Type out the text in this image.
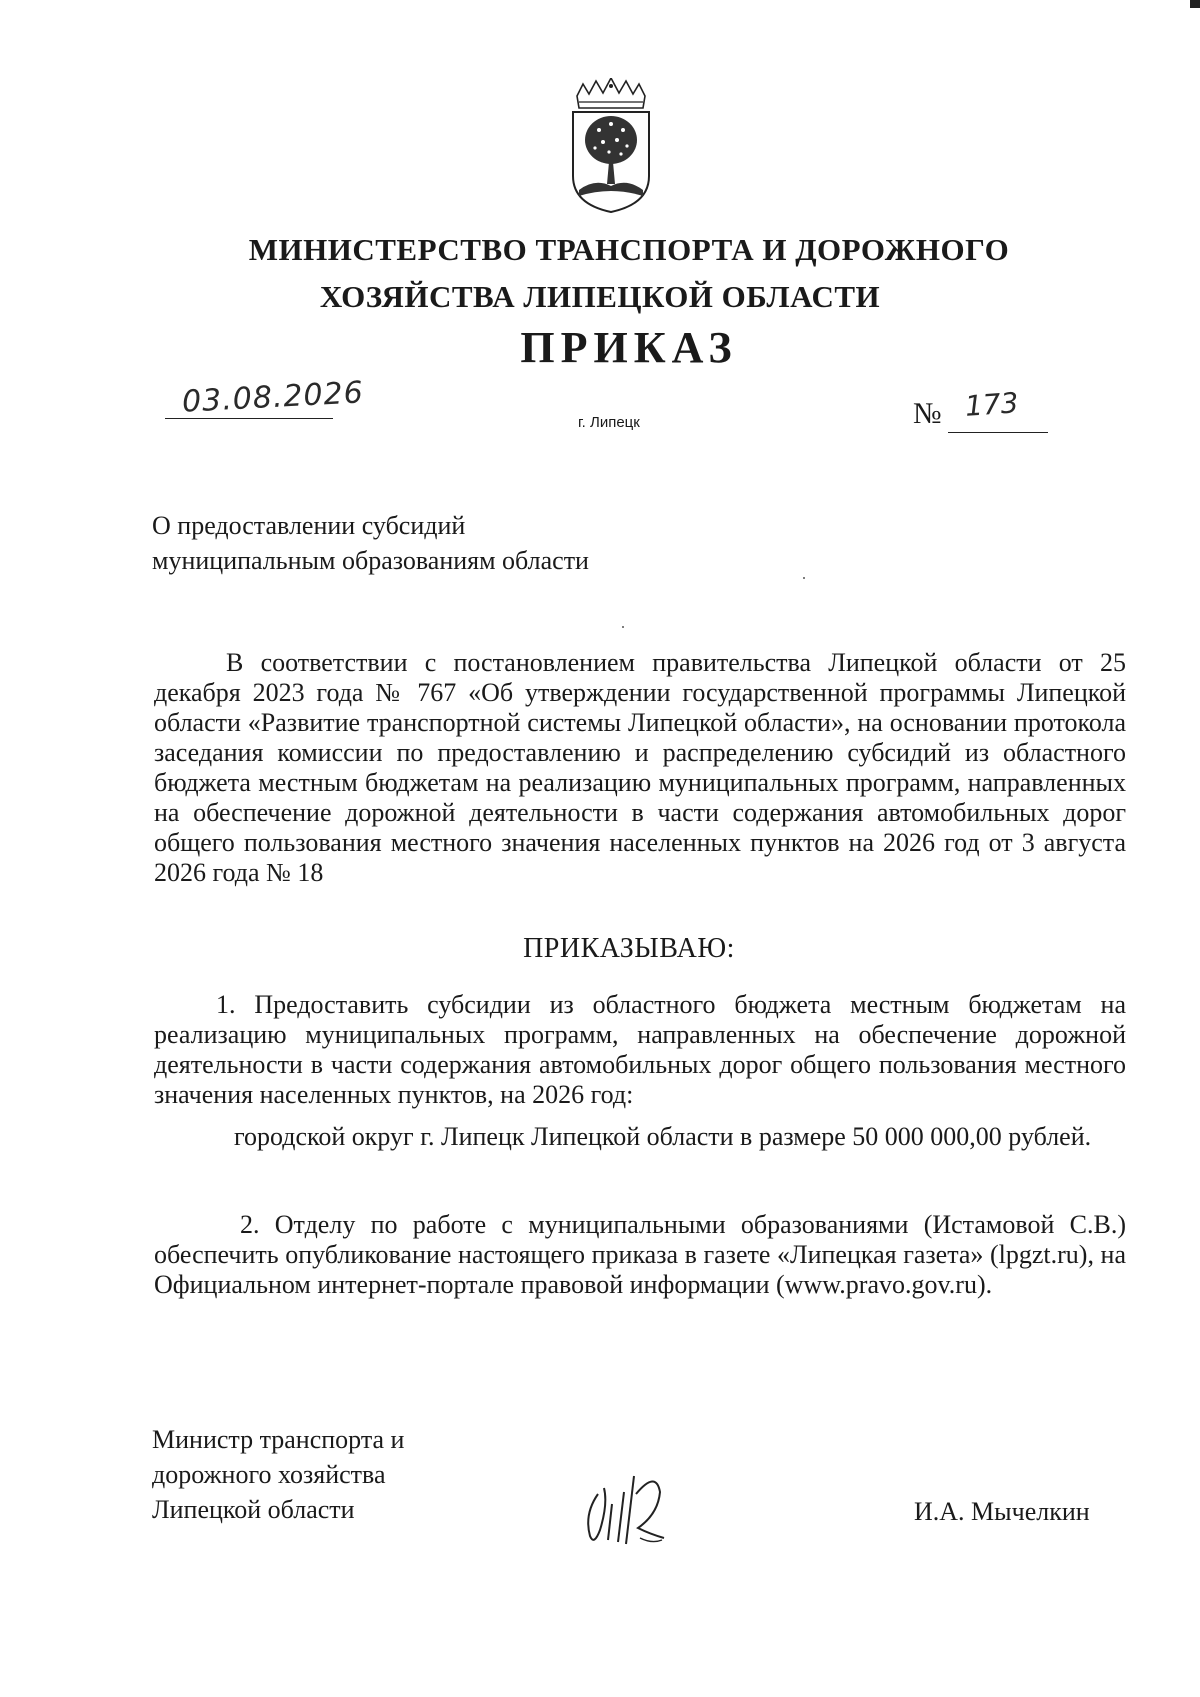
МИНИСТЕРСТВО ТРАНСПОРТА И ДОРОЖНОГО
ХОЗЯЙСТВА ЛИПЕЦКОЙ ОБЛАСТИ
ПРИКАЗ
03.08.2026
г. Липецк	№ 173
О предоставлении субсидий
муниципальным образованиям области
В соответствии с постановлением правительства Липецкой области от 25 декабря 2023 года № 767 «Об утверждении государственной программы Липецкой области «Развитие транспортной системы Липецкой области», на основании протокола заседания комиссии по предоставлению и распределению субсидий из областного бюджета местным бюджетам на реализацию муниципальных программ, направленных на обеспечение дорожной деятельности в части содержания автомобильных дорог общего пользования местного значения населенных пунктов на 2026 год от 3 августа 2026 года № 18
ПРИКАЗЫВАЮ:
1. Предоставить субсидии из областного бюджета местным бюджетам на реализацию муниципальных программ, направленных на обеспечение дорожной деятельности в части содержания автомобильных дорог общего пользования местного значения населенных пунктов, на 2026 год:
городской округ г. Липецк Липецкой области в размере 50 000 000,00 рублей.
2. Отделу по работе с муниципальными образованиями (Истамовой С.В.) обеспечить опубликование настоящего приказа в газете «Липецкая газета» (lpgzt.ru), на Официальном интернет-портале правовой информации (www.pravo.gov.ru).
Министр транспорта и
дорожного хозяйства
Липецкой области	И.А. Мычелкин
